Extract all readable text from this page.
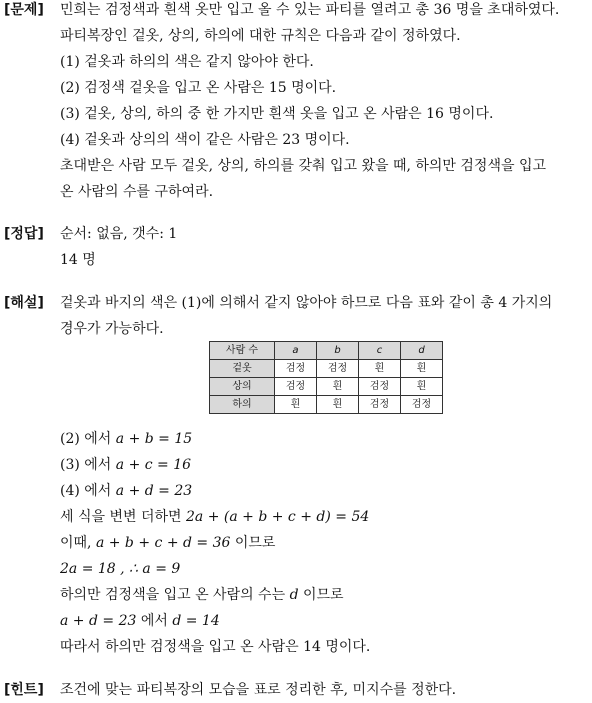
[문제] 민희는 검정색과 흰색 옷만 입고 올 수 있는 파티를 열려고 총 36 명을 초대하였다.
파티복장인 겉옷, 상의, 하의에 대한 규칙은 다음과 같이 정하였다.
(1) 겉옷과 하의의 색은 같지 않아야 한다.
(2) 검정색 겉옷을 입고 온 사람은 15 명이다.
(3) 겉옷, 상의, 하의 중 한 가지만 흰색 옷을 입고 온 사람은 16 명이다.
(4) 겉옷과 상의의 색이 같은 사람은 23 명이다.
초대받은 사람 모두 겉옷, 상의, 하의를 갖춰 입고 왔을 때, 하의만 검정색을 입고
온 사람의 수를 구하여라.
[정답] 순서: 없음, 갯수: 1
14 명
[해설] 겉옷과 바지의 색은 (1)에 의해서 같지 않아야 하므로 다음 표와 같이 총 4 가지의
경우가 가능하다.
사람 수	a	b	c	d
겉옷	검정	검정	흰	흰
상의	검정	흰	검정	흰
하의	흰	흰	검정	검정
(2) 에서 a + b = 15
(3) 에서 a + c = 16
(4) 에서 a + d = 23
세 식을 변변 더하면 2a + (a + b + c + d) = 54
이때, a + b + c + d = 36 이므로
2a = 18 , ∴ a = 9
하의만 검정색을 입고 온 사람의 수는 d 이므로
a + d = 23 에서 d = 14
따라서 하의만 검정색을 입고 온 사람은 14 명이다.
[힌트] 조건에 맞는 파티복장의 모습을 표로 정리한 후, 미지수를 정한다.
